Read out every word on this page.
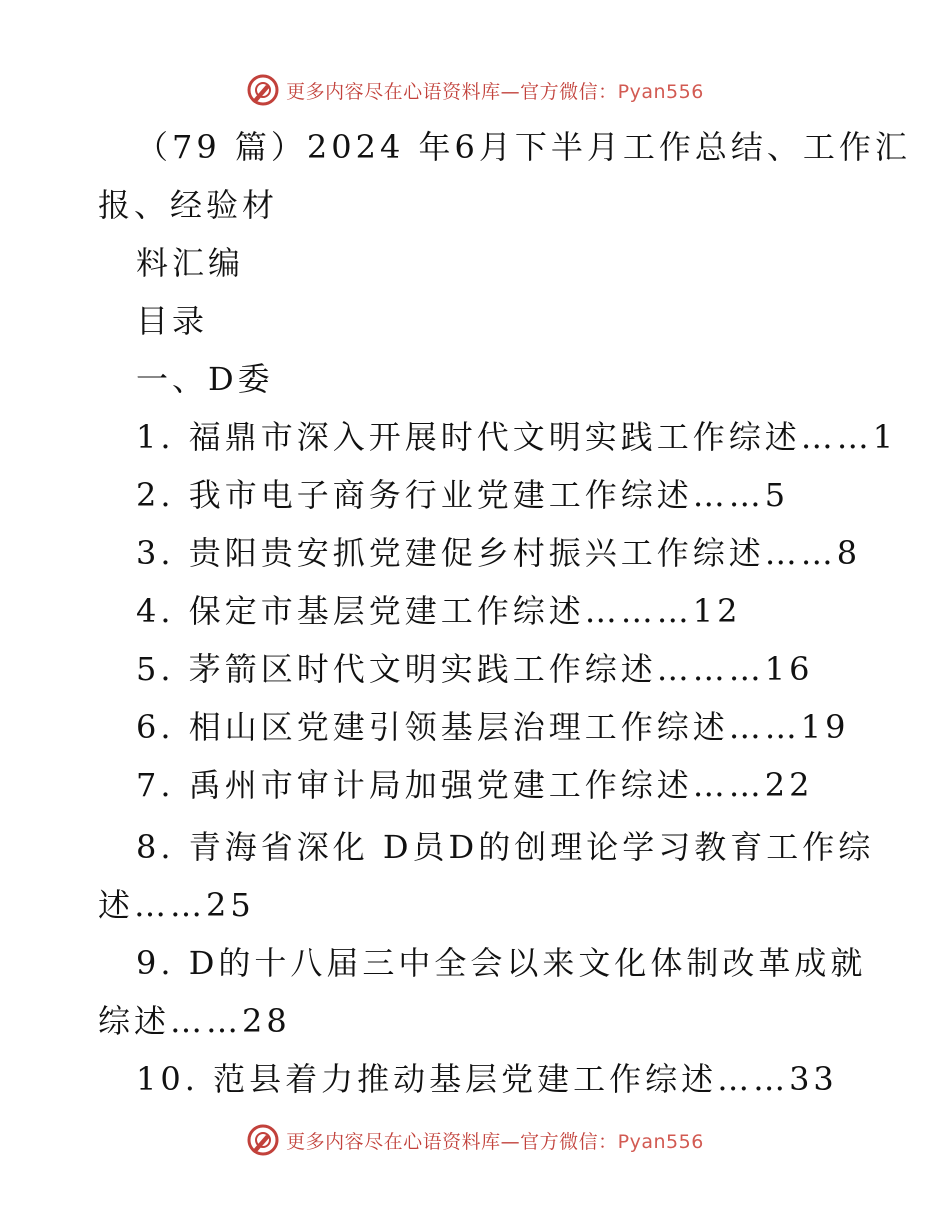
更多内容尽在心语资料库—官方微信：Pyan556
（79 篇）2024 年6月下半月工作总结、工作汇
报、经验材
料汇编
目录
一、D委
1. 福鼎市深入开展时代文明实践工作综述……1
2. 我市电子商务行业党建工作综述……5
3. 贵阳贵安抓党建促乡村振兴工作综述……8
4. 保定市基层党建工作综述………12
5. 茅箭区时代文明实践工作综述………16
6. 相山区党建引领基层治理工作综述……19
7. 禹州市审计局加强党建工作综述……22
8. 青海省深化 D员D的创理论学习教育工作综
述……25
9. D的十八届三中全会以来文化体制改革成就
综述……28
10. 范县着力推动基层党建工作综述……33
更多内容尽在心语资料库—官方微信：Pyan556
